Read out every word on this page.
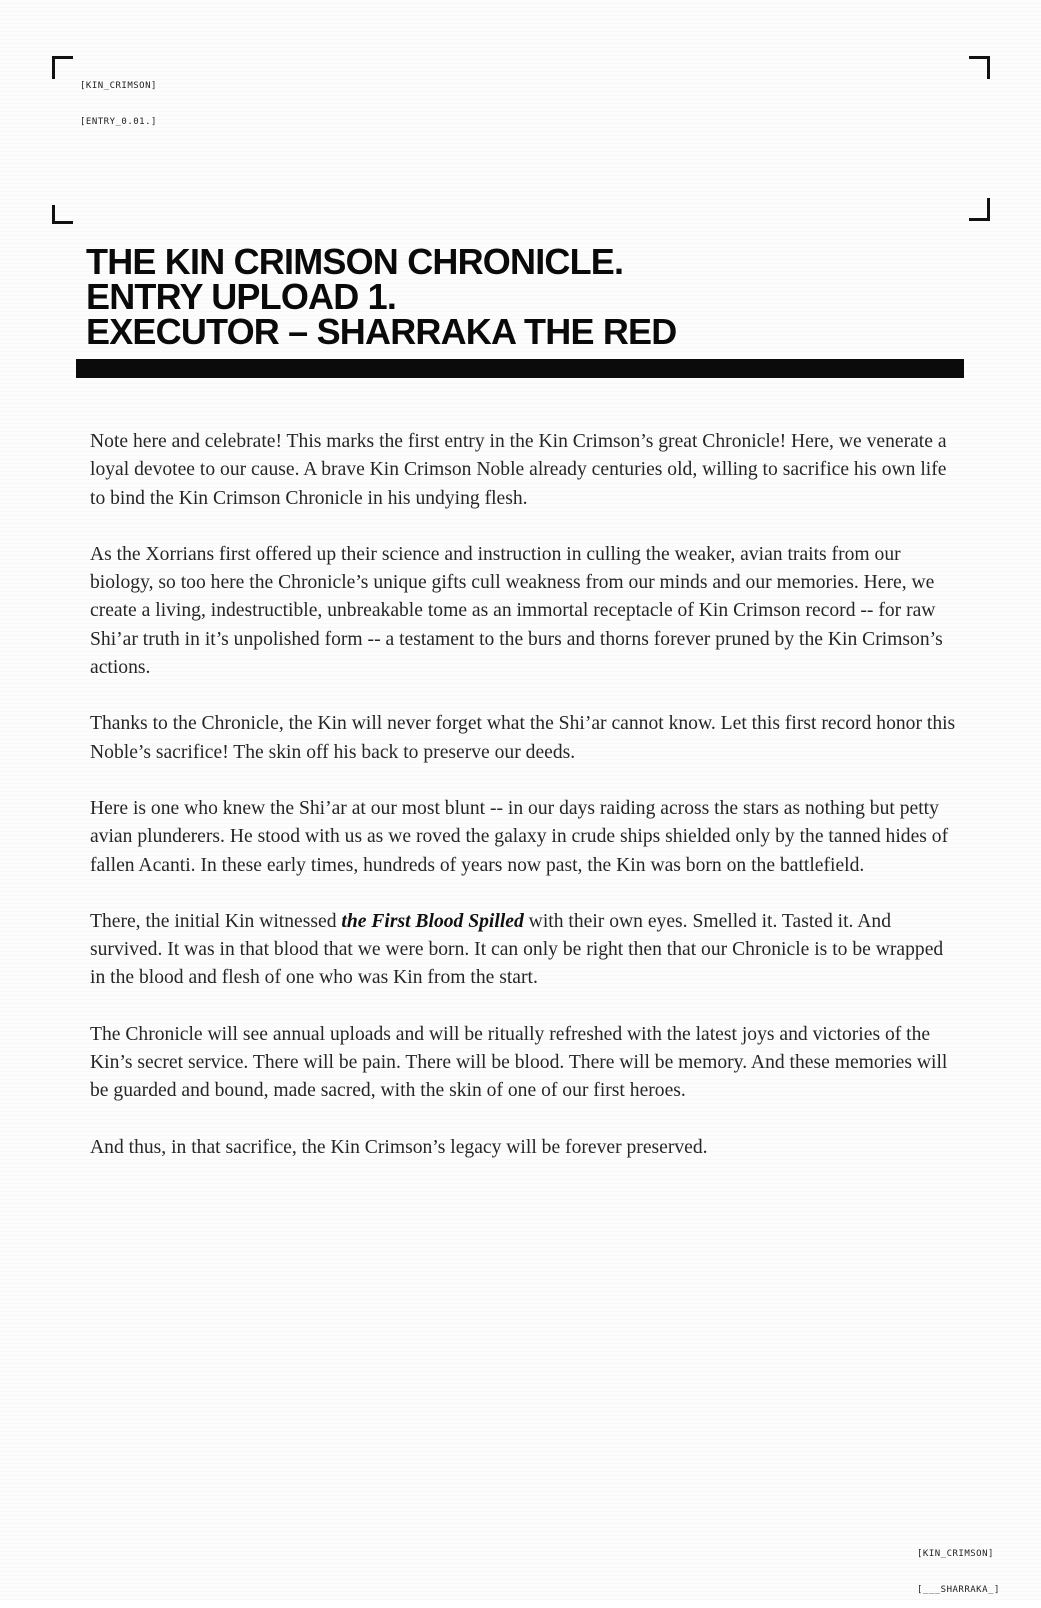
[KIN_CRIMSON]

[ENTRY_0.01.]

THE KIN CRIMSON CHRONICLE.
ENTRY UPLOAD 1.
EXECUTOR – SHARRAKA THE RED

Note here and celebrate! This marks the first entry in the Kin Crimson’s great Chronicle! Here, we venerate a loyal devotee to our cause. A brave Kin Crimson Noble already centuries old, willing to sacrifice his own life to bind the Kin Crimson Chronicle in his undying flesh.

As the Xorrians first offered up their science and instruction in culling the weaker, avian traits from our biology, so too here the Chronicle’s unique gifts cull weakness from our minds and our memories. Here, we create a living, indestructible, unbreakable tome as an immortal receptacle of Kin Crimson record -- for raw Shi’ar truth in it’s unpolished form -- a testament to the burs and thorns forever pruned by the Kin Crimson’s actions.

Thanks to the Chronicle, the Kin will never forget what the Shi’ar cannot know. Let this first record honor this Noble’s sacrifice! The skin off his back to preserve our deeds.

Here is one who knew the Shi’ar at our most blunt -- in our days raiding across the stars as nothing but petty avian plunderers. He stood with us as we roved the galaxy in crude ships shielded only by the tanned hides of fallen Acanti. In these early times, hundreds of years now past, the Kin was born on the battlefield.

There, the initial Kin witnessed the First Blood Spilled with their own eyes. Smelled it. Tasted it. And survived. It was in that blood that we were born. It can only be right then that our Chronicle is to be wrapped in the blood and flesh of one who was Kin from the start.

The Chronicle will see annual uploads and will be ritually refreshed with the latest joys and victories of the Kin’s secret service. There will be pain. There will be blood. There will be memory. And these memories will be guarded and bound, made sacred, with the skin of one of our first heroes.

And thus, in that sacrifice, the Kin Crimson’s legacy will be forever preserved.

[KIN_CRIMSON]

[___SHARRAKA_]
